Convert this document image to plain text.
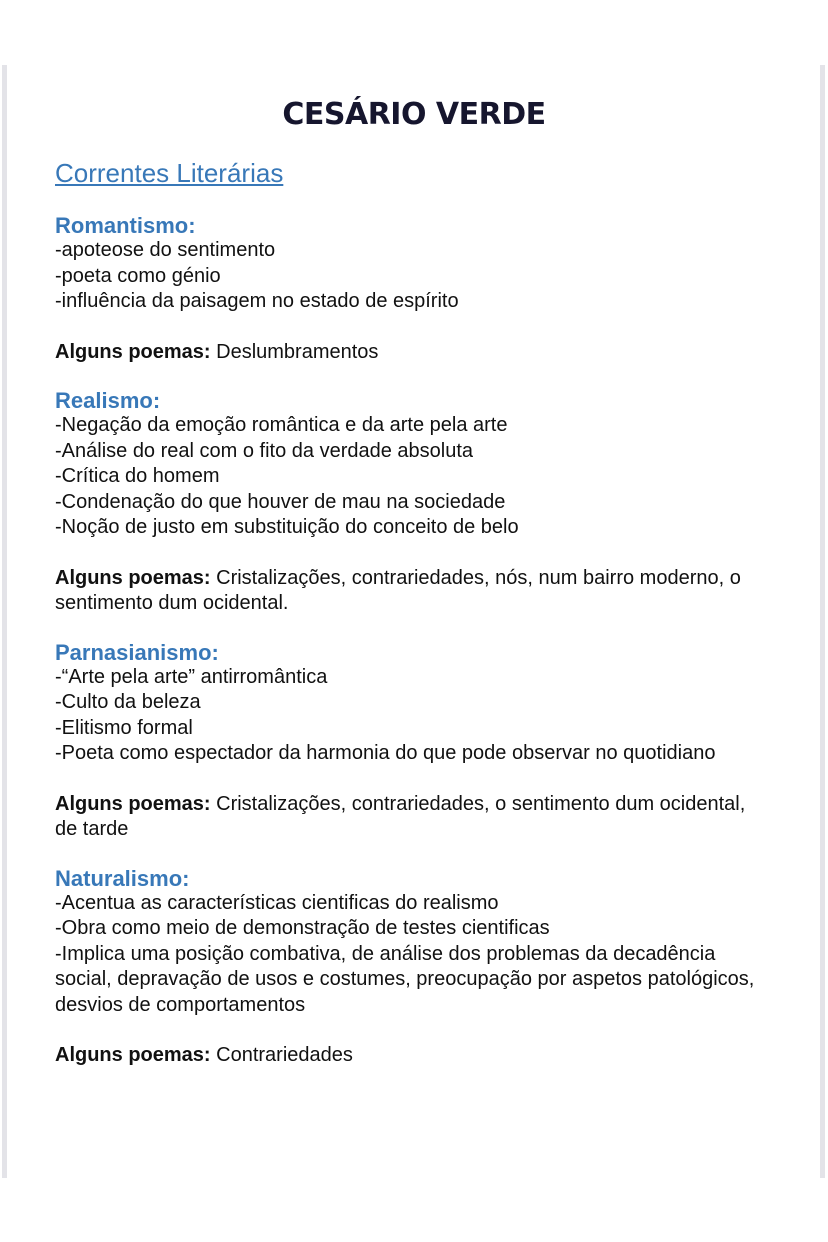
CESÁRIO VERDE
Correntes Literárias
Romantismo:
-apoteose do sentimento
-poeta como génio
-influência da paisagem no estado de espírito
Alguns poemas: Deslumbramentos
Realismo:
-Negação da emoção romântica e da arte pela arte
-Análise do real com o fito da verdade absoluta
-Crítica do homem
-Condenação do que houver de mau na sociedade
-Noção de justo em substituição do conceito de belo
Alguns poemas: Cristalizações, contrariedades, nós, num bairro moderno, o sentimento dum ocidental.
Parnasianismo:
-“Arte pela arte” antirromântica
-Culto da beleza
-Elitismo formal
-Poeta como espectador da harmonia do que pode observar no quotidiano
Alguns poemas: Cristalizações, contrariedades, o sentimento dum ocidental, de tarde
Naturalismo:
-Acentua as características cientificas do realismo
-Obra como meio de demonstração de testes cientificas
-Implica uma posição combativa, de análise dos problemas da decadência social, depravação de usos e costumes, preocupação por aspetos patológicos, desvios de comportamentos
Alguns poemas: Contrariedades
